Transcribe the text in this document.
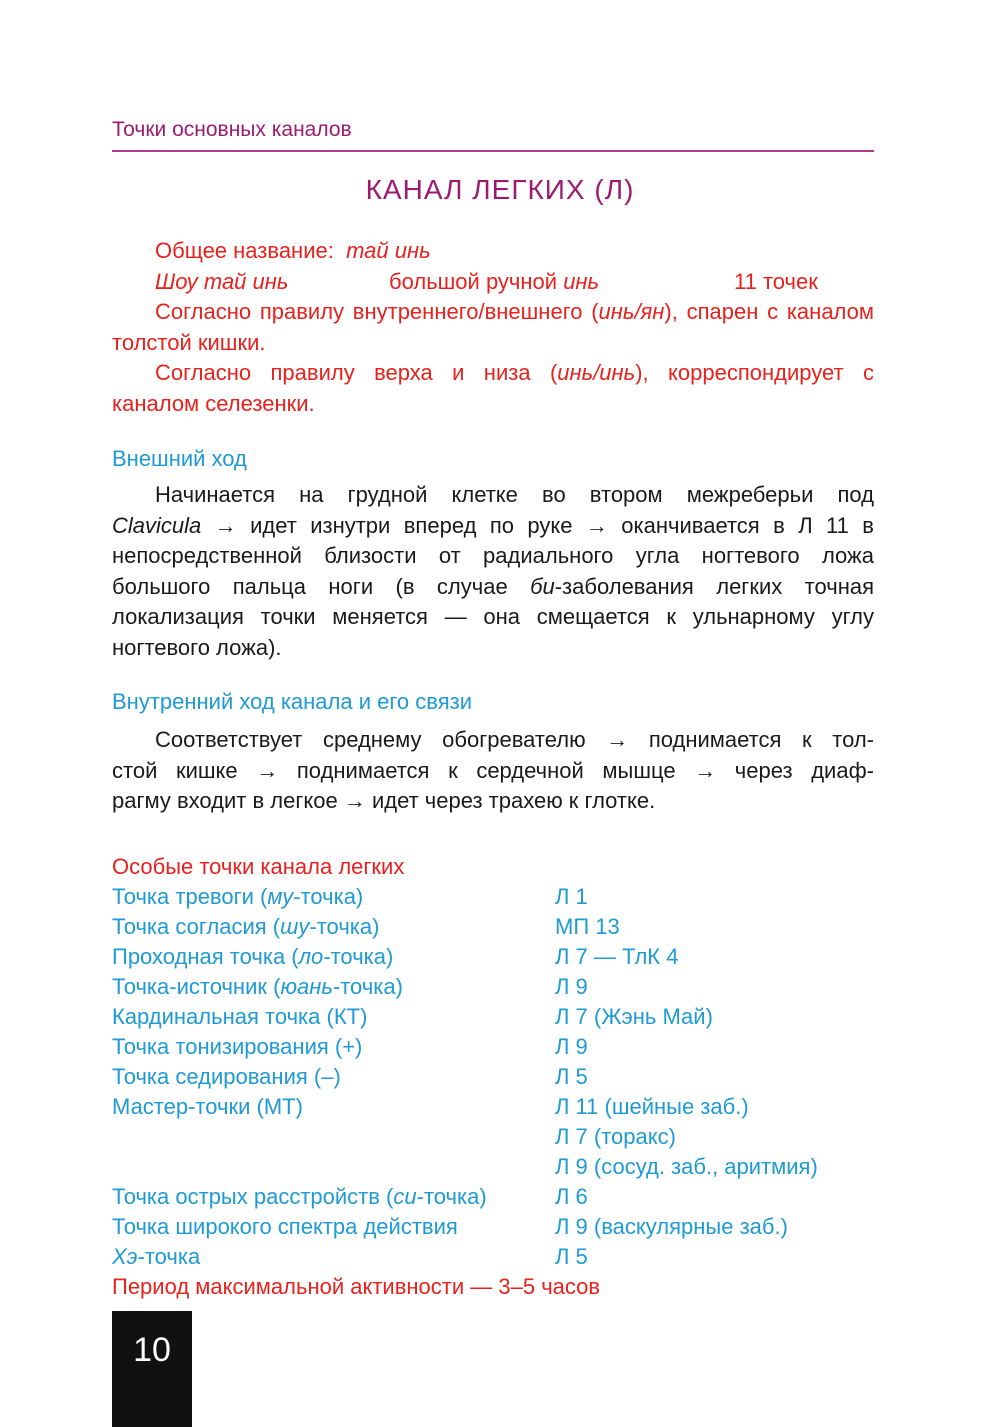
Точки основных каналов
КАНАЛ ЛЕГКИХ (Л)
Общее название: тай инь
Шоу тай инь	большой ручной инь	11 точек
Согласно правилу внутреннего/внешнего (инь/ян), спарен с каналом толстой кишки.
Согласно правилу верха и низа (инь/инь), корреспондирует с каналом селезенки.
Внешний ход
Начинается на грудной клетке во втором межреберьи под
Clavicula → идет изнутри вперед по руке → оканчивается в Л 11 в
непосредственной близости от радиального угла ногтевого ложа
большого пальца ноги (в случае би-заболевания легких точная
локализация точки меняется — она смещается к ульнарному углу
ногтевого ложа).
Внутренний ход канала и его связи
Соответствует среднему обогревателю → поднимается к тол-
стой кишке → поднимается к сердечной мышце → через диаф-
рагму входит в легкое → идет через трахею к глотке.
Особые точки канала легких
Точка тревоги (му-точка)	Л 1
Точка согласия (шу-точка)	МП 13
Проходная точка (ло-точка)	Л 7 — ТлК 4
Точка-источник (юань-точка)	Л 9
Кардинальная точка (КТ)	Л 7 (Жэнь Май)
Точка тонизирования (+)	Л 9
Точка седирования (–)	Л 5
Мастер-точки (МТ)	Л 11 (шейные заб.)
Л 7 (торакс)
Л 9 (сосуд. заб., аритмия)
Точка острых расстройств (си-точка)	Л 6
Точка широкого спектра действия	Л 9 (васкулярные заб.)
Хэ-точка	Л 5
Период максимальной активности — 3–5 часов
10
